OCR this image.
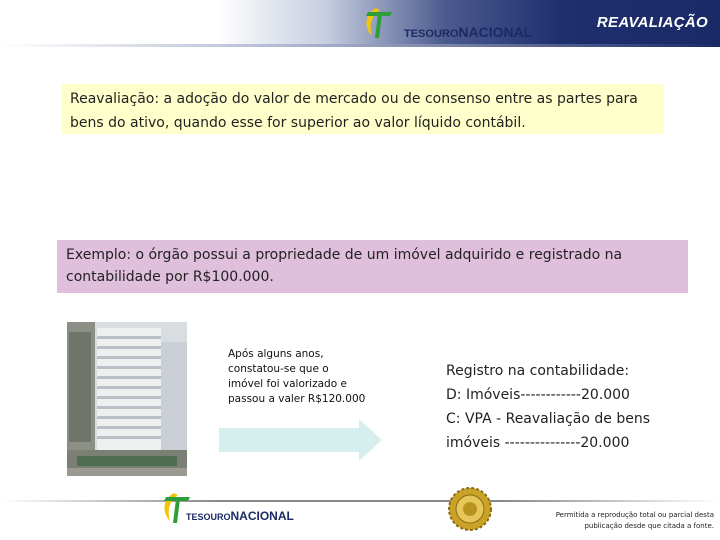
TESOURONACIONAL
REAVALIAÇÃO
Reavaliação: a adoção do valor de mercado ou de consenso entre as partes para bens do ativo, quando esse for superior ao valor líquido contábil.
Exemplo: o órgão possui a propriedade de um imóvel adquirido e registrado na contabilidade por R$100.000.
Após alguns anos,
constatou-se que o
imóvel foi valorizado e
passou a valer R$120.000
Registro na contabilidade:
D: Imóveis------------20.000
C: VPA - Reavaliação de bens
imóveis ---------------20.000
TESOURONACIONAL	Permitida a reprodução total ou parcial desta
publicação desde que citada a fonte.
